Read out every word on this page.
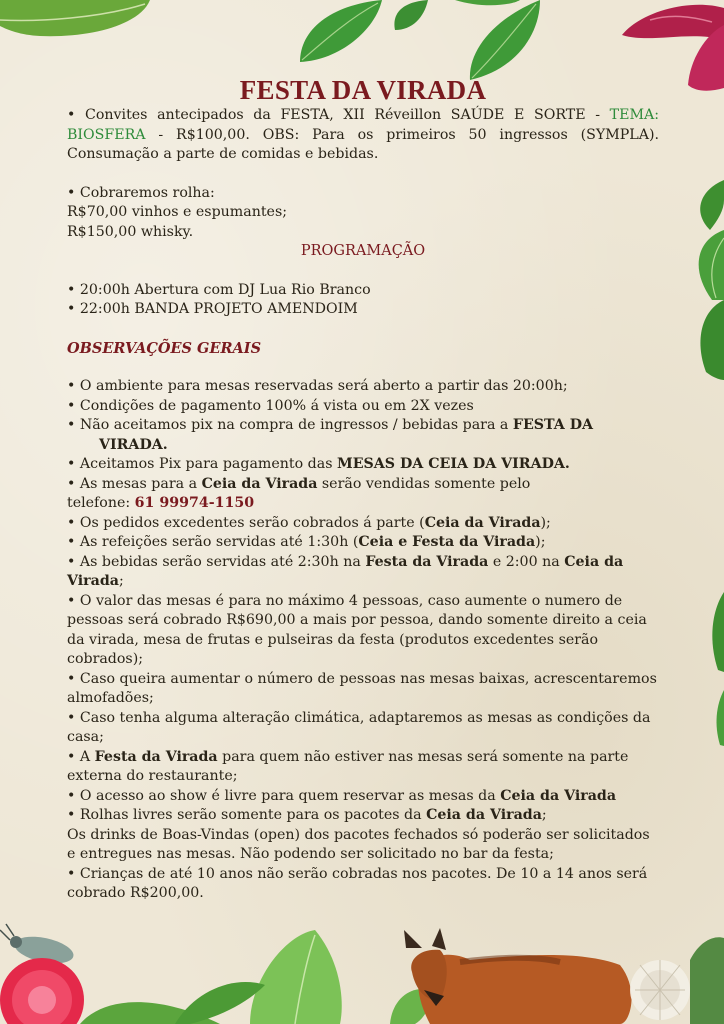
FESTA DA VIRADA

• Convites antecipados da FESTA, XII Réveillon SAÚDE E SORTE - TEMA: BIOSFERA - R$100,00. OBS: Para os primeiros 50 ingressos (SYMPLA). Consumação a parte de comidas e bebidas.

• Cobraremos rolha:

R$70,00 vinhos e espumantes;

R$150,00 whisky.

PROGRAMAÇÃO

• 20:00h Abertura com DJ Lua Rio Branco

• 22:00h BANDA PROJETO AMENDOIM

OBSERVAÇÕES GERAIS

• O ambiente para mesas reservadas será aberto a partir das 20:00h;

• Condições de pagamento 100% á vista ou em 2X vezes

• Não aceitamos pix na compra de ingressos / bebidas para a FESTA DA

VIRADA.

• Aceitamos Pix para pagamento das MESAS DA CEIA DA VIRADA.

• As mesas para a Ceia da Virada serão vendidas somente pelo

telefone: 61 99974-1150

• Os pedidos excedentes serão cobrados á parte (Ceia da Virada);

• As refeições serão servidas até 1:30h (Ceia e Festa da Virada);

• As bebidas serão servidas até 2:30h na Festa da Virada e 2:00 na Ceia da Virada;

• O valor das mesas é para no máximo 4 pessoas, caso aumente o numero de pessoas será cobrado R$690,00 a mais por pessoa, dando somente direito a ceia da virada, mesa de frutas e pulseiras da festa (produtos excedentes serão cobrados);

• Caso queira aumentar o número de pessoas nas mesas baixas, acrescentaremos almofadões;

• Caso tenha alguma alteração climática, adaptaremos as mesas as condições da casa;

• A Festa da Virada para quem não estiver nas mesas será somente na parte externa do restaurante;

• O acesso ao show é livre para quem reservar as mesas da Ceia da Virada

• Rolhas livres serão somente para os pacotes da Ceia da Virada;

Os drinks de Boas-Vindas (open) dos pacotes fechados só poderão ser solicitados e entregues nas mesas. Não podendo ser solicitado no bar da festa;

• Crianças de até 10 anos não serão cobradas nos pacotes. De 10 a 14 anos será cobrado R$200,00.
